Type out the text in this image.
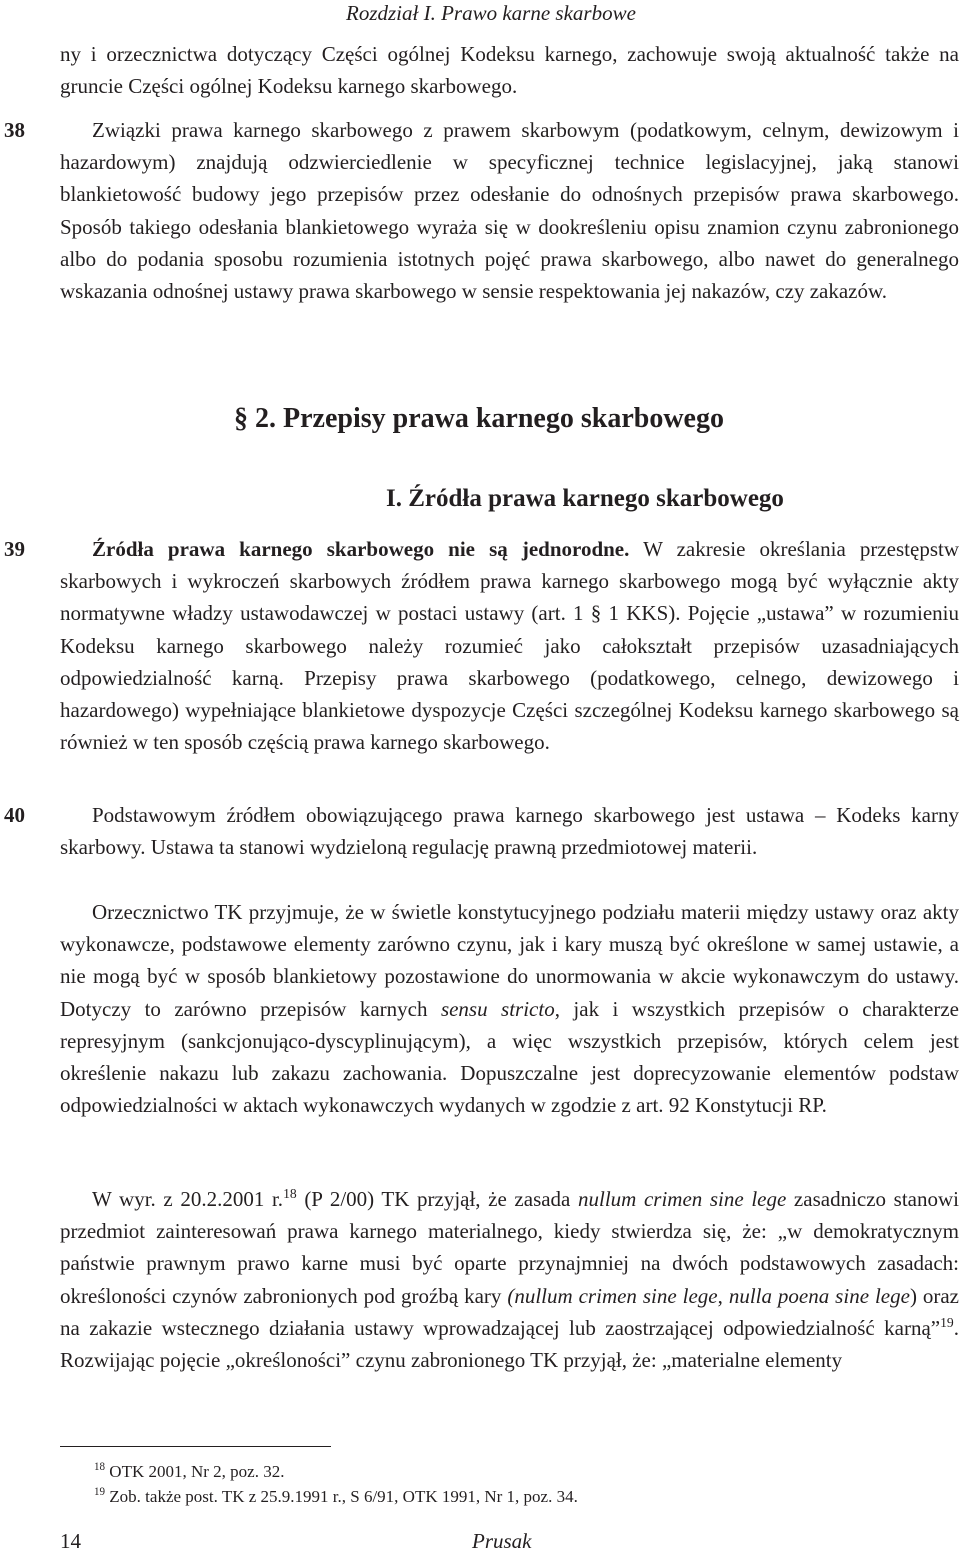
Rozdział I. Prawo karne skarbowe

ny i orzecznictwa dotyczący Części ogólnej Kodeksu karnego, zachowuje swoją aktualność także na gruncie Części ogólnej Kodeksu karnego skarbowego.

38	Związki prawa karnego skarbowego z prawem skarbowym (podatkowym, celnym, dewizowym i hazardowym) znajdują odzwierciedlenie w specyficznej technice legislacyjnej, jaką stanowi blankietowość budowy jego przepisów przez odesłanie do odnośnych przepisów prawa skarbowego. Sposób takiego odesłania blankietowego wyraża się w dookreśleniu opisu znamion czynu zabronionego albo do podania sposobu rozumienia istotnych pojęć prawa skarbowego, albo nawet do generalnego wskazania odnośnej ustawy prawa skarbowego w sensie respektowania jej nakazów, czy zakazów.

§ 2. Przepisy prawa karnego skarbowego
I. Źródła prawa karnego skarbowego
39	Źródła prawa karnego skarbowego nie są jednorodne. W zakresie określania przestępstw skarbowych i wykroczeń skarbowych źródłem prawa karnego skarbowego mogą być wyłącznie akty normatywne władzy ustawodawczej w postaci ustawy (art. 1 § 1 KKS). Pojęcie „ustawa” w rozumieniu Kodeksu karnego skarbowego należy rozumieć jako całokształt przepisów uzasadniających odpowiedzialność karną. Przepisy prawa skarbowego (podatkowego, celnego, dewizowego i hazardowego) wypełniające blankietowe dyspozycje Części szczególnej Kodeksu karnego skarbowego są również w ten sposób częścią prawa karnego skarbowego.

40	Podstawowym źródłem obowiązującego prawa karnego skarbowego jest ustawa – Kodeks karny skarbowy. Ustawa ta stanowi wydzieloną regulację prawną przedmiotowej materii.

Orzecznictwo TK przyjmuje, że w świetle konstytucyjnego podziału materii między ustawy oraz akty wykonawcze, podstawowe elementy zarówno czynu, jak i kary muszą być określone w samej ustawie, a nie mogą być w sposób blankietowy pozostawione do unormowania w akcie wykonawczym do ustawy. Dotyczy to zarówno przepisów karnych sensu stricto, jak i wszystkich przepisów o charakterze represyjnym (sankcjonująco-dyscyplinującym), a więc wszystkich przepisów, których celem jest określenie nakazu lub zakazu zachowania. Dopuszczalne jest doprecyzowanie elementów podstaw odpowiedzialności w aktach wykonawczych wydanych w zgodzie z art. 92 Konstytucji RP.

W wyr. z 20.2.2001 r.$^{18}$ (P 2/00) TK przyjął, że zasada nullum crimen sine lege zasadniczo stanowi przedmiot zainteresowań prawa karnego materialnego, kiedy stwierdza się, że: „w demokratycznym państwie prawnym prawo karne musi być oparte przynajmniej na dwóch podstawowych zasadach: określoności czynów zabronionych pod groźbą kary (nullum crimen sine lege, nulla poena sine lege) oraz na zakazie wstecznego działania ustawy wprowadzającej lub zaostrzającej odpowiedzialność karną”$^{19}$. Rozwijając pojęcie „określoności” czynu zabronionego TK przyjął, że: „materialne elementy

$^{18}$ OTK 2001, Nr 2, poz. 32.

$^{19}$ Zob. także post. TK z 25.9.1991 r., S 6/91, OTK 1991, Nr 1, poz. 34.

14	Prusak
